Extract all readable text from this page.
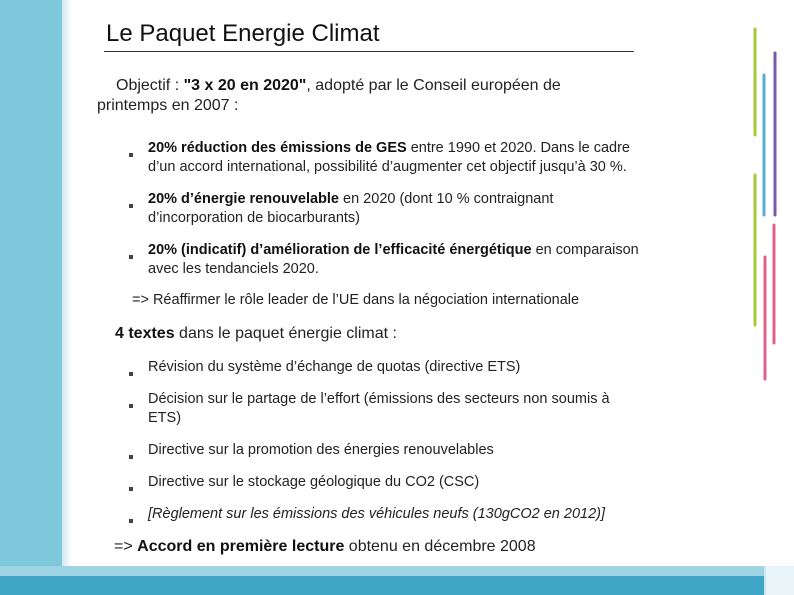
Le Paquet Energie Climat
Objectif : "3 x 20 en 2020", adopté par le Conseil européen de
printemps en 2007 :
20% réduction des émissions de GES entre 1990 et 2020. Dans le cadre
d’un accord international, possibilité d’augmenter cet objectif jusqu’à 30 %.
20% d’énergie renouvelable en 2020 (dont 10 % contraignant
d’incorporation de biocarburants)
20% (indicatif) d’amélioration de l’efficacité énergétique en comparaison
avec les tendanciels 2020.
=> Réaffirmer le rôle leader de l’UE dans la négociation internationale
4 textes dans le paquet énergie climat :
Révision du système d’échange de quotas (directive ETS)
Décision sur le partage de l’effort (émissions des secteurs non soumis à
ETS)
Directive sur la promotion des énergies renouvelables
Directive sur le stockage géologique du CO2 (CSC)
[Règlement sur les émissions des véhicules neufs (130gCO2 en 2012)]
=> Accord en première lecture obtenu en décembre 2008
